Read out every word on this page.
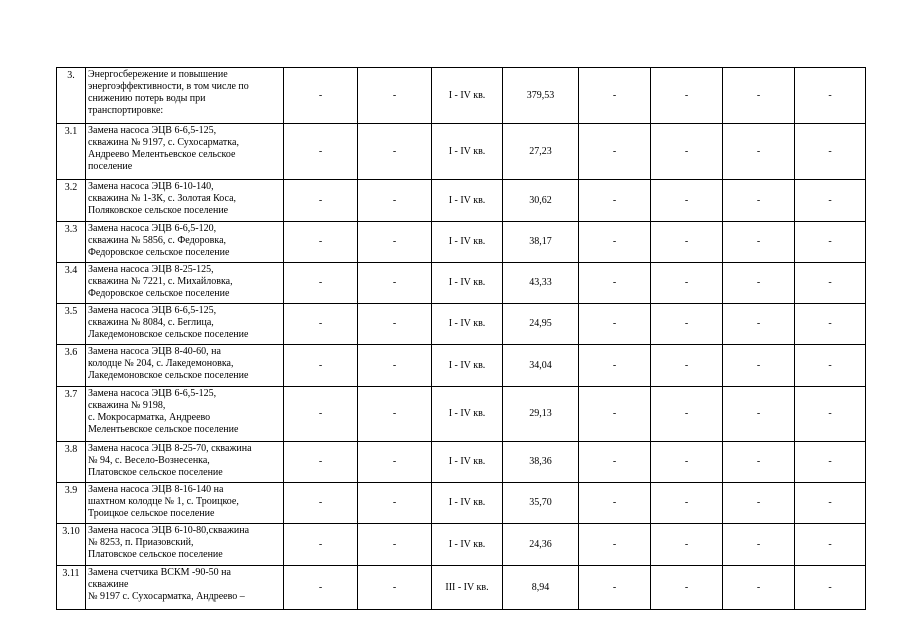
3.	Энергосбережение и повышение
энергоэффективности, в том числе по
снижению потерь воды при
транспортировке:	-	-	I - IV кв.	379,53	-	-	-	-
3.1	Замена насоса ЭЦВ 6-6,5-125,
скважина № 9197, с. Сухосарматка,
Андреево Мелентьевское сельское
поселение	-	-	I - IV кв.	27,23	-	-	-	-
3.2	Замена насоса ЭЦВ 6-10-140,
скважина № 1-ЗК, с. Золотая Коса,
Поляковское сельское поселение	-	-	I - IV кв.	30,62	-	-	-	-
3.3	Замена насоса ЭЦВ 6-6,5-120,
скважина № 5856, с. Федоровка,
Федоровское сельское поселение	-	-	I - IV кв.	38,17	-	-	-	-
3.4	Замена насоса ЭЦВ 8-25-125,
скважина № 7221, с. Михайловка,
Федоровское сельское поселение	-	-	I - IV кв.	43,33	-	-	-	-
3.5	Замена насоса ЭЦВ 6-6,5-125,
скважина № 8084, с. Беглица,
Лакедемоновское сельское поселение	-	-	I - IV кв.	24,95	-	-	-	-
3.6	Замена насоса ЭЦВ 8-40-60, на
колодце № 204, с. Лакедемоновка,
Лакедемоновское сельское поселение	-	-	I - IV кв.	34,04	-	-	-	-
3.7	Замена насоса ЭЦВ 6-6,5-125,
скважина № 9198,
с. Мокросарматка, Андреево
Мелентьевское сельское поселение	-	-	I - IV кв.	29,13	-	-	-	-
3.8	Замена насоса ЭЦВ 8-25-70, скважина
№ 94, с. Весело-Вознесенка,
Платовское сельское поселение	-	-	I - IV кв.	38,36	-	-	-	-
3.9	Замена насоса ЭЦВ 8-16-140 на
шахтном колодце № 1, с. Троицкое,
Троицкое сельское поселение	-	-	I - IV кв.	35,70	-	-	-	-
3.10	Замена насоса ЭЦВ 6-10-80,скважина
№ 8253, п. Приазовский,
Платовское сельское поселение	-	-	I - IV кв.	24,36	-	-	-	-
3.11	Замена счетчика ВСКМ -90-50 на
скважине
№ 9197 с. Сухосарматка, Андреево –	-	-	III - IV кв.	8,94	-	-	-	-
